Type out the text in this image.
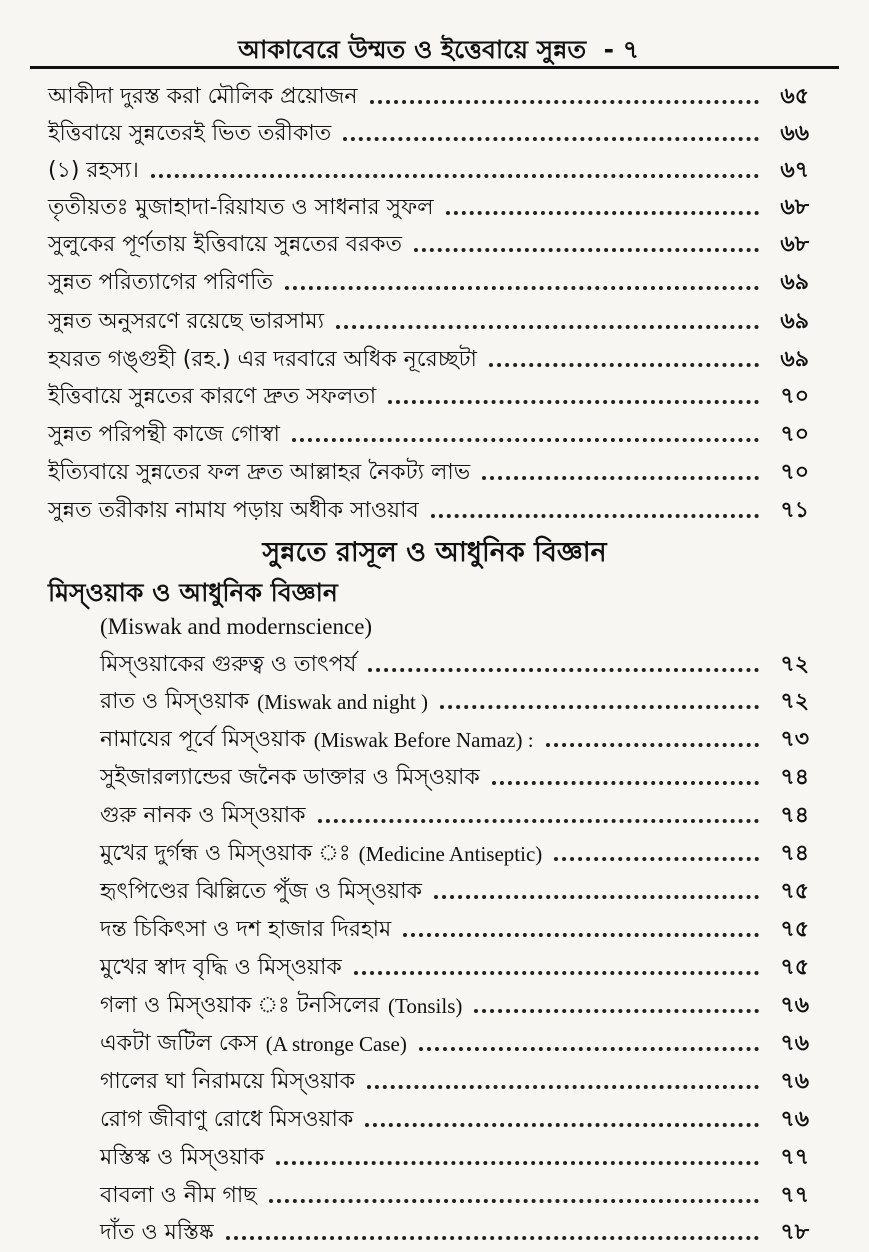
আকাবেরে উম্মত ও ইত্তেবায়ে সুন্নত - ৭
আকীদা দুরস্ত করা মৌলিক প্রয়োজন	৬৫
ইত্তিবায়ে সুন্নতেরই ভিত তরীকাত	৬৬
(১) রহস্য।	৬৭
তৃতীয়তঃ মুজাহাদা-রিয়াযত ও সাধনার সুফল	৬৮
সুলুকের পূর্ণতায় ইত্তিবায়ে সুন্নতের বরকত	৬৮
সুন্নত পরিত্যাগের পরিণতি	৬৯
সুন্নত অনুসরণে রয়েছে ভারসাম্য	৬৯
হযরত গঙ্গুহী (রহ.) এর দরবারে অধিক নূরেচ্ছটা	৬৯
ইত্তিবায়ে সুন্নতের কারণে দ্রুত সফলতা	৭০
সুন্নত পরিপন্থী কাজে গোস্বা	৭০
ইত্যিবায়ে সুন্নতের ফল দ্রুত আল্লাহর নৈকট্য লাভ	৭০
সুন্নত তরীকায় নামায পড়ায় অধীক সাওয়াব	৭১
সুন্নতে রাসূল ও আধুনিক বিজ্ঞান
মিস্ওয়াক ও আধুনিক বিজ্ঞান
(Miswak and modernscience)
মিস্ওয়াকের গুরুত্ব ও তাৎপর্য	৭২
রাত ও মিস্ওয়াক (Miswak and night )	৭২
নামাযের পূর্বে মিস্ওয়াক (Miswak Before Namaz) :	৭৩
সুইজারল্যান্ডের জনৈক ডাক্তার ও মিস্ওয়াক	৭৪
গুরু নানক ও মিস্ওয়াক	৭৪
মুখের দুর্গন্ধ ও মিস্ওয়াক ঃ (Medicine Antiseptic)	৭৪
হৃৎপিণ্ডের ঝিল্লিতে পুঁজ ও মিস্ওয়াক	৭৫
দন্ত চিকিৎসা ও দশ হাজার দিরহাম	৭৫
মুখের স্বাদ বৃদ্ধি ও মিস্ওয়াক	৭৫
গলা ও মিস্ওয়াক ঃ টনসিলের (Tonsils)	৭৬
একটা জটিল কেস (A stronge Case)	৭৬
গালের ঘা নিরাময়ে মিস্ওয়াক	৭৬
রোগ জীবাণু রোধে মিসওয়াক	৭৬
মস্তিস্ক ও মিস্ওয়াক	৭৭
বাবলা ও নীম গাছ	৭৭
দাঁত ও মস্তিষ্ক	৭৮
